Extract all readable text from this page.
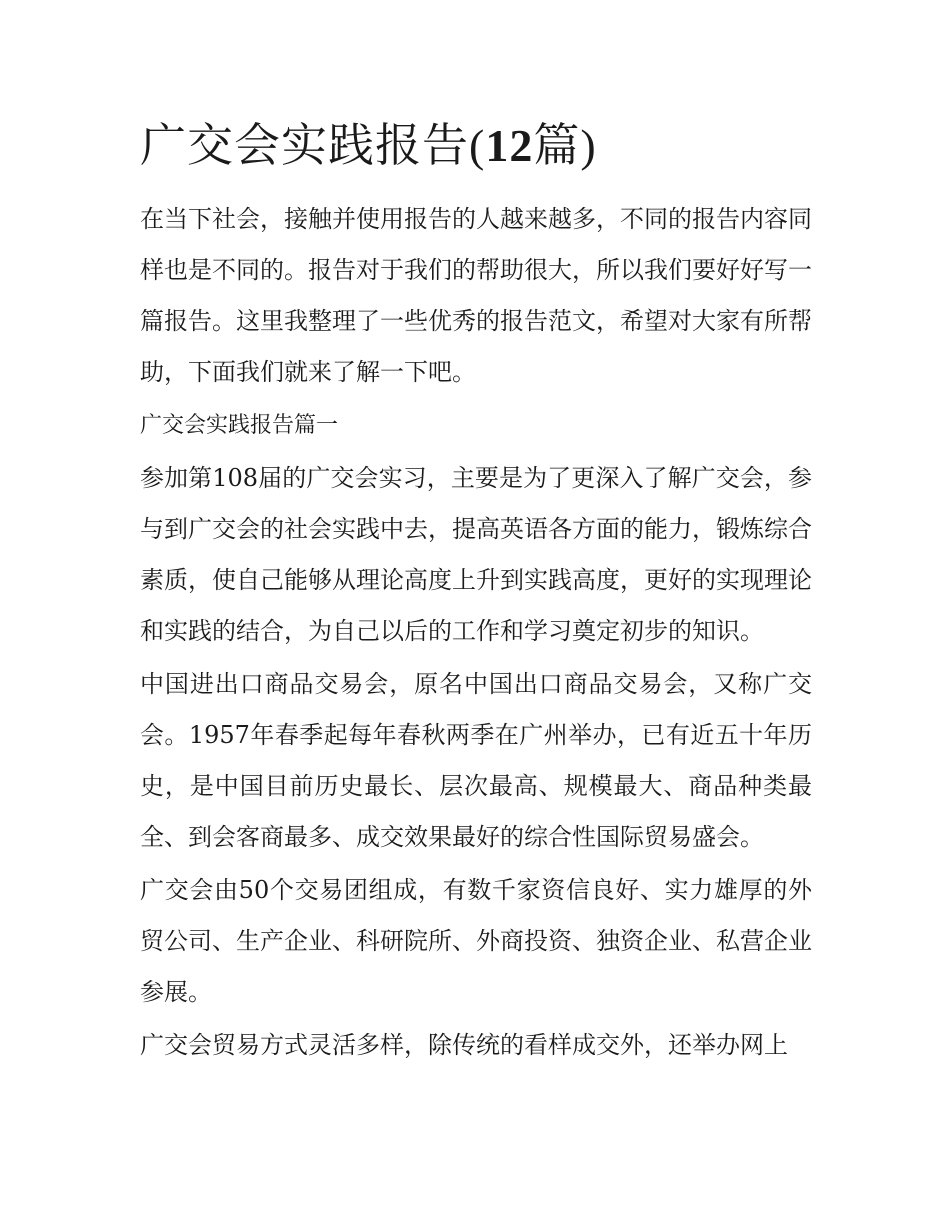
广交会实践报告(12篇)

在当下社会，接触并使用报告的人越来越多，不同的报告内容同样也是不同的。报告对于我们的帮助很大，所以我们要好好写一篇报告。这里我整理了一些优秀的报告范文，希望对大家有所帮助，下面我们就来了解一下吧。

广交会实践报告篇一

参加第108届的广交会实习，主要是为了更深入了解广交会，参与到广交会的社会实践中去，提高英语各方面的能力，锻炼综合素质，使自己能够从理论高度上升到实践高度，更好的实现理论和实践的结合，为自己以后的工作和学习奠定初步的知识。

中国进出口商品交易会，原名中国出口商品交易会，又称广交会。1957年春季起每年春秋两季在广州举办，已有近五十年历史，是中国目前历史最长、层次最高、规模最大、商品种类最全、到会客商最多、成交效果最好的综合性国际贸易盛会。

广交会由50个交易团组成，有数千家资信良好、实力雄厚的外贸公司、生产企业、科研院所、外商投资、独资企业、私营企业参展。

广交会贸易方式灵活多样，除传统的看样成交外，还举办网上
